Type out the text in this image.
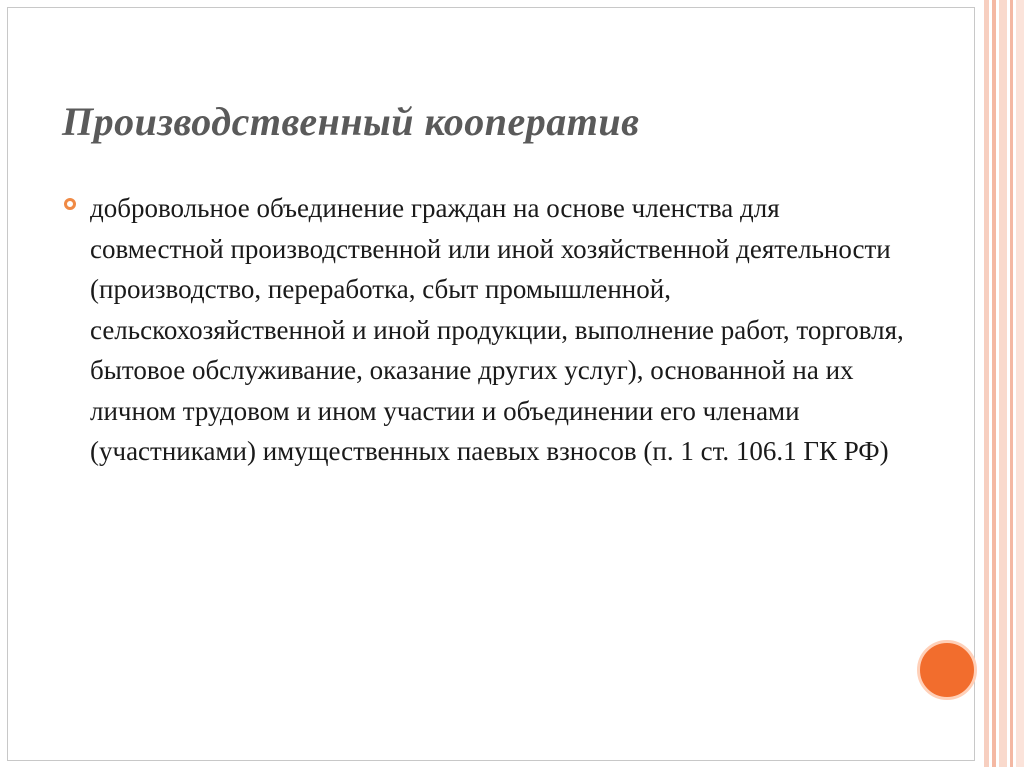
Производственный кооператив

добровольное объединение граждан на основе членства для совместной производственной или иной хозяйственной деятельности (производство, переработка, сбыт промышленной, сельскохозяйственной и иной продукции, выполнение работ, торговля, бытовое обслуживание, оказание других услуг), основанной на их личном трудовом и ином участии и объединении его членами (участниками) имущественных паевых взносов (п. 1 ст. 106.1 ГК РФ)
